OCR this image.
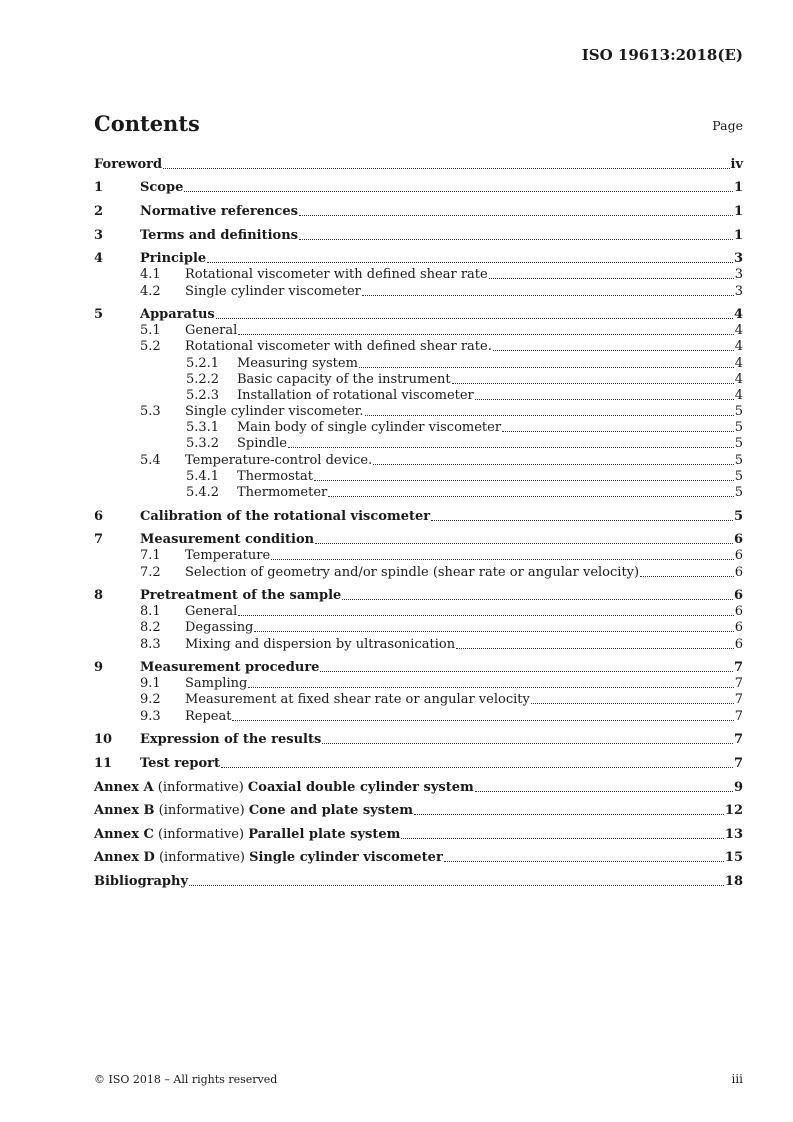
ISO 19613:2018(E)
Contents	Page
Foreword	iv
1	Scope	1
2	Normative references	1
3	Terms and definitions	1
4	Principle	3
4.1 Rotational viscometer with defined shear rate	3
4.2 Single cylinder viscometer	3
5	Apparatus	4
5.1 General	4
5.2 Rotational viscometer with defined shear rate.	4
5.2.1 Measuring system	4
5.2.2 Basic capacity of the instrument	4
5.2.3 Installation of rotational viscometer	4
5.3 Single cylinder viscometer.	5
5.3.1 Main body of single cylinder viscometer	5
5.3.2 Spindle	5
5.4 Temperature-control device.	5
5.4.1 Thermostat	5
5.4.2 Thermometer	5
6	Calibration of the rotational viscometer	5
7	Measurement condition	6
7.1 Temperature	6
7.2 Selection of geometry and/or spindle (shear rate or angular velocity)	6
8	Pretreatment of the sample	6
8.1 General	6
8.2 Degassing	6
8.3 Mixing and dispersion by ultrasonication	6
9	Measurement procedure	7
9.1 Sampling	7
9.2 Measurement at fixed shear rate or angular velocity	7
9.3 Repeat	7
10 Expression of the results	7
11 Test report	7
Annex A (informative) Coaxial double cylinder system	9
Annex B (informative) Cone and plate system	12
Annex C (informative) Parallel plate system	13
Annex D (informative) Single cylinder viscometer	15
Bibliography	18
© ISO 2018 – All rights reserved	iii
